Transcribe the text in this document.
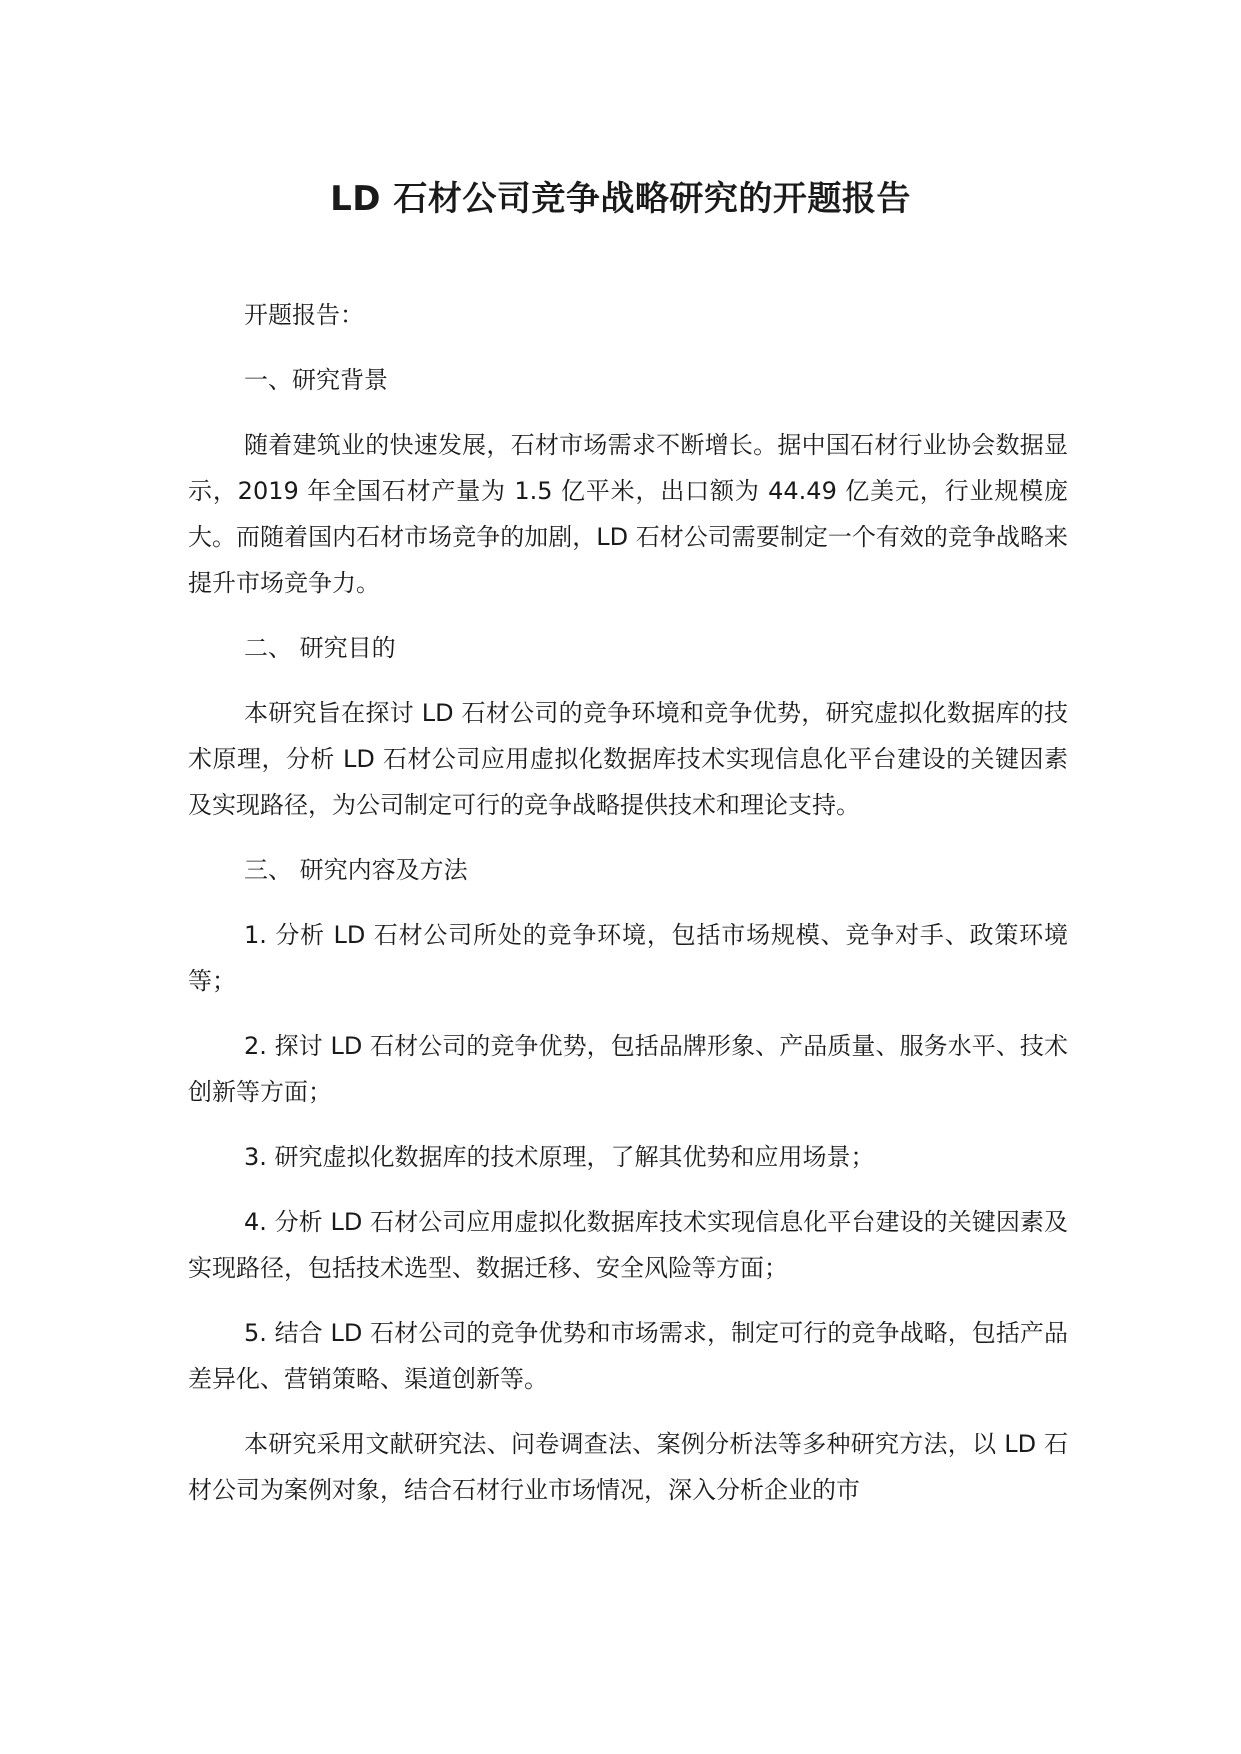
LD 石材公司竞争战略研究的开题报告

开题报告：

一、研究背景

随着建筑业的快速发展，石材市场需求不断增长。据中国石材行业协会数据显示，2019 年全国石材产量为 1.5 亿平米，出口额为 44.49 亿美元，行业规模庞大。而随着国内石材市场竞争的加剧，LD 石材公司需要制定一个有效的竞争战略来提升市场竞争力。

二、 研究目的

本研究旨在探讨 LD 石材公司的竞争环境和竞争优势，研究虚拟化数据库的技术原理，分析 LD 石材公司应用虚拟化数据库技术实现信息化平台建设的关键因素及实现路径，为公司制定可行的竞争战略提供技术和理论支持。

三、 研究内容及方法

1. 分析 LD 石材公司所处的竞争环境，包括市场规模、竞争对手、政策环境等；

2. 探讨 LD 石材公司的竞争优势，包括品牌形象、产品质量、服务水平、技术创新等方面；

3. 研究虚拟化数据库的技术原理，了解其优势和应用场景；

4. 分析 LD 石材公司应用虚拟化数据库技术实现信息化平台建设的关键因素及实现路径，包括技术选型、数据迁移、安全风险等方面；

5. 结合 LD 石材公司的竞争优势和市场需求，制定可行的竞争战略，包括产品差异化、营销策略、渠道创新等。

本研究采用文献研究法、问卷调查法、案例分析法等多种研究方法，以 LD 石材公司为案例对象，结合石材行业市场情况，深入分析企业的市
